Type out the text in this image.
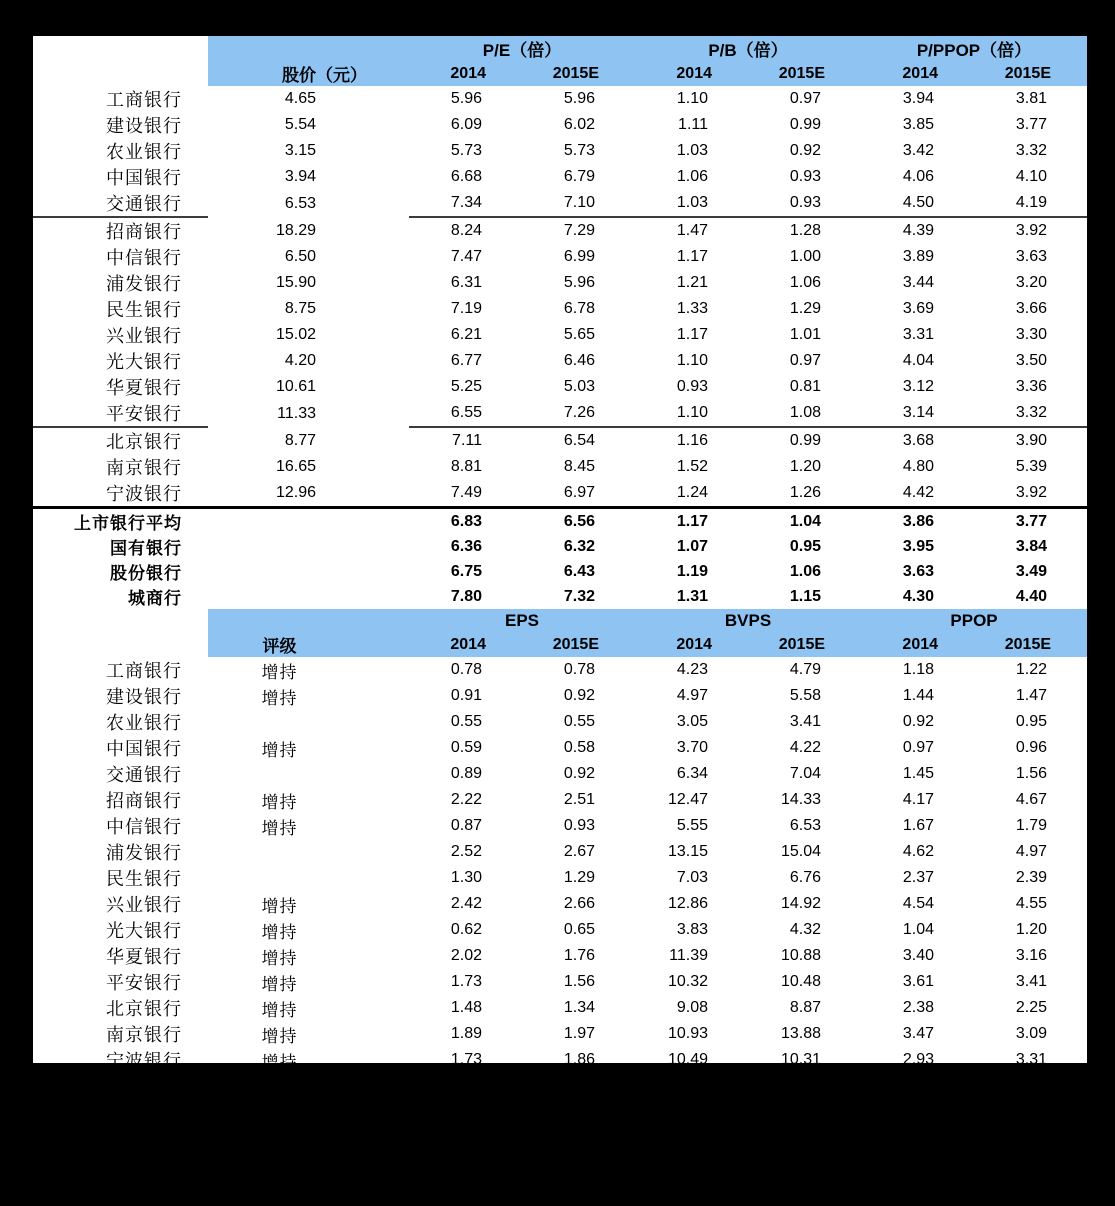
		P/E（倍）		P/B（倍）		P/PPOP（倍）	
	股价（元）	2014	2015E	2014	2015E	2014	2015E
工商银行	4.65	5.96	5.96	1.10	0.97	3.94	3.81
建设银行	5.54	6.09	6.02	1.11	0.99	3.85	3.77
农业银行	3.15	5.73	5.73	1.03	0.92	3.42	3.32
中国银行	3.94	6.68	6.79	1.06	0.93	4.06	4.10
交通银行	6.53	7.34	7.10	1.03	0.93	4.50	4.19
招商银行	18.29	8.24	7.29	1.47	1.28	4.39	3.92
中信银行	6.50	7.47	6.99	1.17	1.00	3.89	3.63
浦发银行	15.90	6.31	5.96	1.21	1.06	3.44	3.20
民生银行	8.75	7.19	6.78	1.33	1.29	3.69	3.66
兴业银行	15.02	6.21	5.65	1.17	1.01	3.31	3.30
光大银行	4.20	6.77	6.46	1.10	0.97	4.04	3.50
华夏银行	10.61	5.25	5.03	0.93	0.81	3.12	3.36
平安银行	11.33	6.55	7.26	1.10	1.08	3.14	3.32
北京银行	8.77	7.11	6.54	1.16	0.99	3.68	3.90
南京银行	16.65	8.81	8.45	1.52	1.20	4.80	5.39
宁波银行	12.96	7.49	6.97	1.24	1.26	4.42	3.92
上市银行平均		6.83	6.56	1.17	1.04	3.86	3.77
国有银行		6.36	6.32	1.07	0.95	3.95	3.84
股份银行		6.75	6.43	1.19	1.06	3.63	3.49
城商行		7.80	7.32	1.31	1.15	4.30	4.40
		EPS		BVPS		PPOP	
	评级	2014	2015E	2014	2015E	2014	2015E
工商银行	增持	0.78	0.78	4.23	4.79	1.18	1.22
建设银行	增持	0.91	0.92	4.97	5.58	1.44	1.47
农业银行		0.55	0.55	3.05	3.41	0.92	0.95
中国银行	增持	0.59	0.58	3.70	4.22	0.97	0.96
交通银行		0.89	0.92	6.34	7.04	1.45	1.56
招商银行	增持	2.22	2.51	12.47	14.33	4.17	4.67
中信银行	增持	0.87	0.93	5.55	6.53	1.67	1.79
浦发银行		2.52	2.67	13.15	15.04	4.62	4.97
民生银行		1.30	1.29	7.03	6.76	2.37	2.39
兴业银行	增持	2.42	2.66	12.86	14.92	4.54	4.55
光大银行	增持	0.62	0.65	3.83	4.32	1.04	1.20
华夏银行	增持	2.02	1.76	11.39	10.88	3.40	3.16
平安银行	增持	1.73	1.56	10.32	10.48	3.61	3.41
北京银行	增持	1.48	1.34	9.08	8.87	2.38	2.25
南京银行	增持	1.89	1.97	10.93	13.88	3.47	3.09
宁波银行	增持	1.73	1.86	10.49	10.31	2.93	3.31
上市银行平均		1.41	1.43	8.09	8.84	2.51	2.56
国有银行		0.74	0.75	4.46	5.01	1.19	1.23
股份银行		1.71	1.75	9.58	10.41	3.18	3.27
城商行		1.70	1.72	10.17	11.02	2.93	2.88
资料来源：公司年报、中报和季报（2014-2015 年），海通证券研究所
